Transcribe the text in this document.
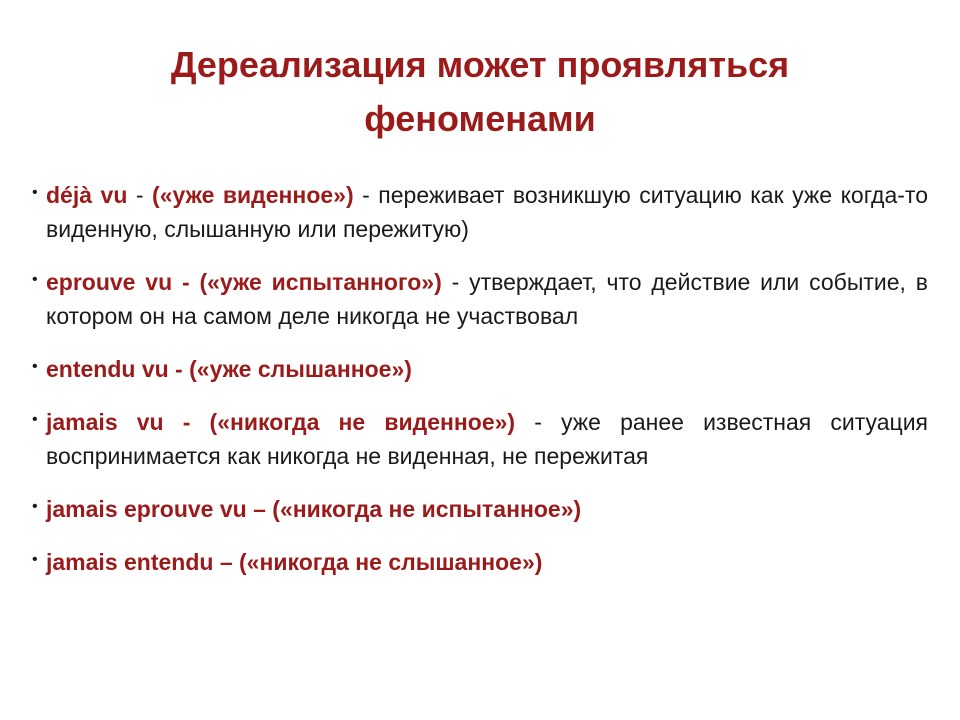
Дереализация может проявляться
феноменами
• déjà vu - («уже виденное») - переживает возникшую ситуацию как уже когда-то виденную, слышанную или пережитую)
• eprouve vu - («уже испытанного») - утверждает, что действие или событие, в котором он на самом деле никогда не участвовал
• entendu vu - («уже слышанное»)
• jamais vu - («никогда не виденное») - уже ранее известная ситуация воспринимается как никогда не виденная, не пережитая
• jamais eprouve vu – («никогда не испытанное»)
• jamais entendu – («никогда не слышанное»)
